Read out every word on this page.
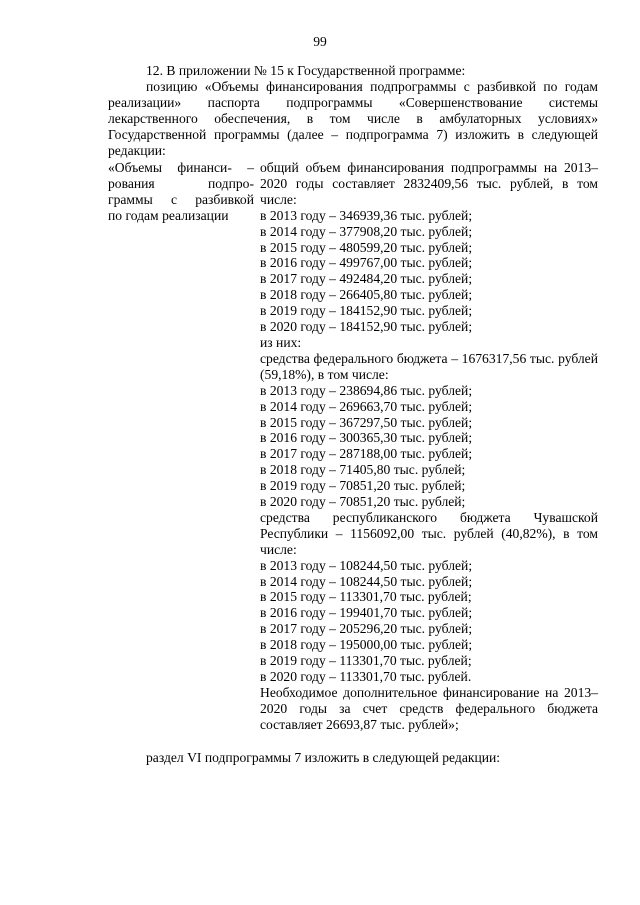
99

12. В приложении № 15 к Государственной программе:

позицию «Объемы финансирования подпрограммы с разбивкой по годам реализации» паспорта подпрограммы «Совершенствование системы лекарственного обеспечения, в том числе в амбулаторных условиях» Государственной программы (далее – подпрограмма 7) изложить в следующей редакции:

«Объемы финанси- –
рования подпро-
граммы с разбивкой
по годам реализации
общий объем финансирования подпрограммы на 2013–2020 годы составляет 2832409,56 тыс. рублей, в том числе:
в 2013 году – 346939,36 тыс. рублей;
в 2014 году – 377908,20 тыс. рублей;
в 2015 году – 480599,20 тыс. рублей;
в 2016 году – 499767,00 тыс. рублей;
в 2017 году – 492484,20 тыс. рублей;
в 2018 году – 266405,80 тыс. рублей;
в 2019 году – 184152,90 тыс. рублей;
в 2020 году – 184152,90 тыс. рублей;
из них:
средства федерального бюджета – 1676317,56 тыс. рублей (59,18%), в том числе:
в 2013 году – 238694,86 тыс. рублей;
в 2014 году – 269663,70 тыс. рублей;
в 2015 году – 367297,50 тыс. рублей;
в 2016 году – 300365,30 тыс. рублей;
в 2017 году – 287188,00 тыс. рублей;
в 2018 году – 71405,80 тыс. рублей;
в 2019 году – 70851,20 тыс. рублей;
в 2020 году – 70851,20 тыс. рублей;
средства республиканского бюджета Чувашской Республики – 1156092,00 тыс. рублей (40,82%), в том числе:
в 2013 году – 108244,50 тыс. рублей;
в 2014 году – 108244,50 тыс. рублей;
в 2015 году – 113301,70 тыс. рублей;
в 2016 году – 199401,70 тыс. рублей;
в 2017 году – 205296,20 тыс. рублей;
в 2018 году – 195000,00 тыс. рублей;
в 2019 году – 113301,70 тыс. рублей;
в 2020 году – 113301,70 тыс. рублей.
Необходимое дополнительное финансирование на 2013–2020 годы за счет средств федерального бюджета составляет 26693,87 тыс. рублей»;

раздел VI подпрограммы 7 изложить в следующей редакции:
